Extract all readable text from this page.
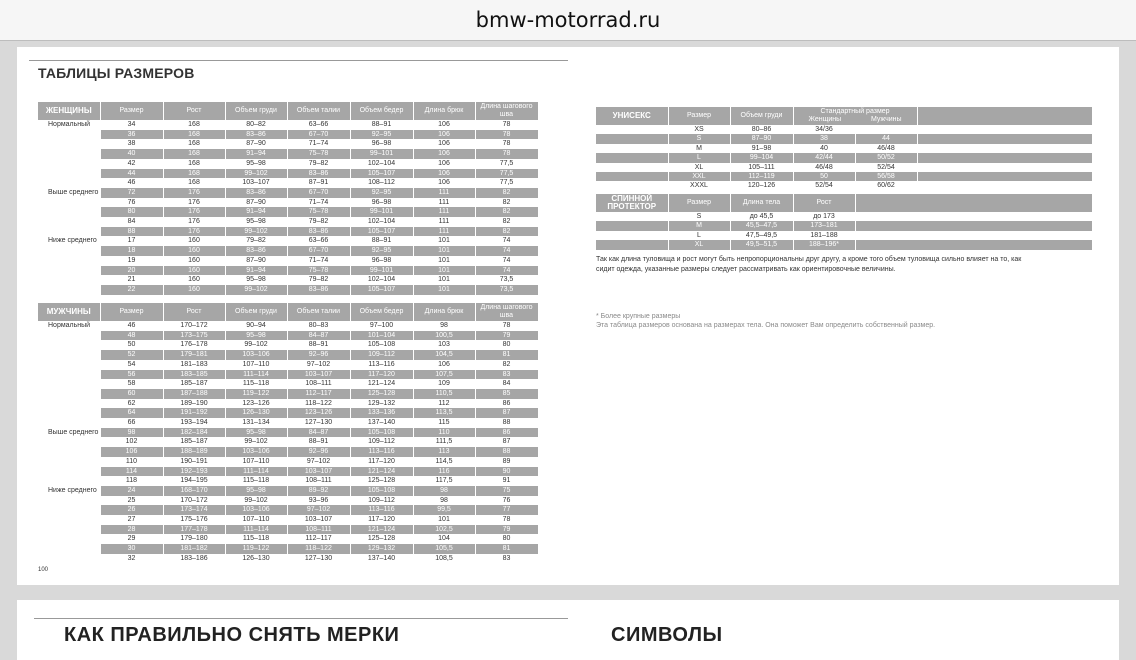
bmw-motorrad.ru
ТАБЛИЦЫ РАЗМЕРОВ
ЖЕНЩИНЫ	Размер	Рост	Объем груди	Объем талии	Объем бедер	Длина брюк	Длина шагового шва
Нормальный	34	168	80–82	63–66	88–91	106	78
	36	168	83–86	67–70	92–95	106	78
	38	168	87–90	71–74	96–98	106	78
	40	168	91–94	75–78	99–101	106	78
	42	168	95–98	79–82	102–104	106	77,5
	44	168	99–102	83–86	105–107	106	77,5
	46	168	103–107	87–91	108–112	106	77,5
Выше среднего	72	176	83–86	67–70	92–95	111	82
	76	176	87–90	71–74	96–98	111	82
	80	176	91–94	75–78	99–101	111	82
	84	176	95–98	79–82	102–104	111	82
	88	176	99–102	83–86	105–107	111	82
Ниже среднего	17	160	79–82	63–66	88–91	101	74
	18	160	83–86	67–70	92–95	101	74
	19	160	87–90	71–74	96–98	101	74
	20	160	91–94	75–78	99–101	101	74
	21	160	95–98	79–82	102–104	101	73,5
	22	160	99–102	83–86	105–107	101	73,5
МУЖЧИНЫ	Размер	Рост	Объем груди	Объем талии	Объем бедер	Длина брюк	Длина шагового шва
Нормальный	46	170–172	90–94	80–83	97–100	98	78
	48	173–175	95–98	84–87	101–104	100,5	79
	50	176–178	99–102	88–91	105–108	103	80
	52	179–181	103–106	92–96	109–112	104,5	81
	54	181–183	107–110	97–102	113–116	106	82
	56	183–185	111–114	103–107	117–120	107,5	83
	58	185–187	115–118	108–111	121–124	109	84
	60	187–188	119–122	112–117	125–128	110,5	85
	62	189–190	123–126	118–122	129–132	112	86
	64	191–192	126–130	123–126	133–136	113,5	87
	66	193–194	131–134	127–130	137–140	115	88
Выше среднего	98	182–184	95–98	84–87	105–108	110	86
	102	185–187	99–102	88–91	109–112	111,5	87
	106	188–189	103–106	92–96	113–116	113	88
	110	190–191	107–110	97–102	117–120	114,5	89
	114	192–193	111–114	103–107	121–124	116	90
	118	194–195	115–118	108–111	125–128	117,5	91
Ниже среднего	24	168–170	95–98	89–92	105–108	98	75
	25	170–172	99–102	93–96	109–112	98	76
	26	173–174	103–106	97–102	113–116	99,5	77
	27	175–176	107–110	103–107	117–120	101	78
	28	177–178	111–114	108–111	121–124	102,5	79
	29	179–180	115–118	112–117	125–128	104	80
	30	181–182	119–122	118–122	129–132	105,5	81
	32	183–186	126–130	127–130	137–140	108,5	83
100
УНИСЕКС	Размер	Объем груди	Стандартный размер
Женщины Мужчины		

	XS	80–86	34/36		
	S	87–90	38	44	
	M	91–98	40	46/48	
	L	99–104	42/44	50/52	
	XL	105–111	46/48	52/54	
	XXL	112–119	50	56/58	
	XXXL	120–126	52/54	60/62	
СПИННОЙ ПРОТЕКТОР	Размер	Длина тела	Рост	
	S	до 45,5	до 173	
	M	45,5–47,5	173–181	
	L	47,5–49,5	181–188	
	XL	49,5–51,5	188–196*	
Так как длина туловища и рост могут быть непропорциональны друг другу, а кроме того объем туловища сильно влияет на то, как сидит одежда, указанные размеры следует рассматривать как ориентировочные величины.
* Более крупные размеры
Эта таблица размеров основана на размерах тела. Она поможет Вам определить собственный размер.
КАК ПРАВИЛЬНО СНЯТЬ МЕРКИ	СИМВОЛЫ
